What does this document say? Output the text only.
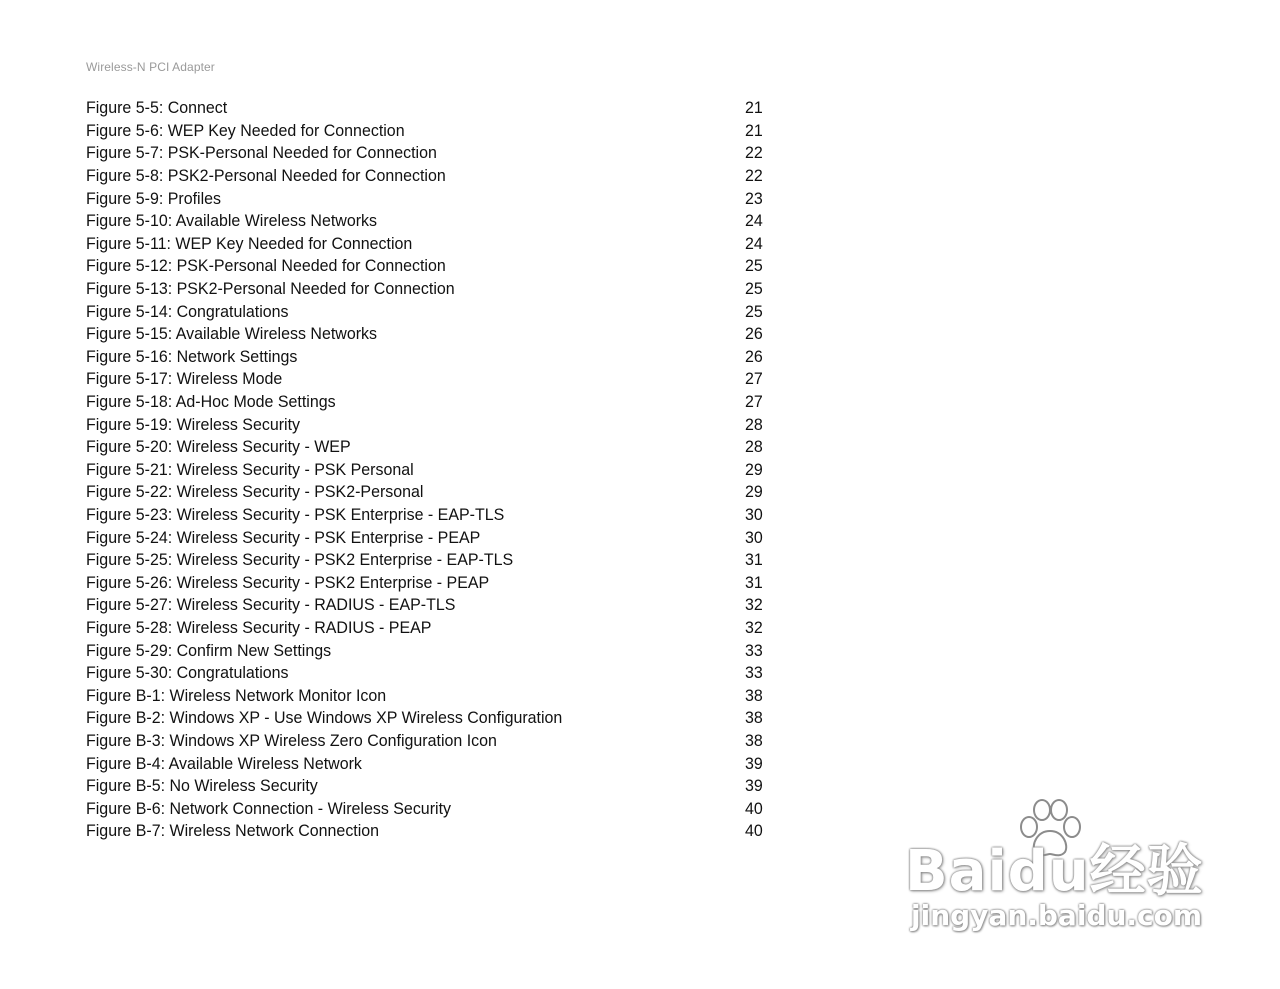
Wireless-N PCI Adapter
Figure 5-5: Connect	21
Figure 5-6: WEP Key Needed for Connection	21
Figure 5-7: PSK-Personal Needed for Connection	22
Figure 5-8: PSK2-Personal Needed for Connection	22
Figure 5-9: Profiles	23
Figure 5-10: Available Wireless Networks	24
Figure 5-11: WEP Key Needed for Connection	24
Figure 5-12: PSK-Personal Needed for Connection	25
Figure 5-13: PSK2-Personal Needed for Connection	25
Figure 5-14: Congratulations	25
Figure 5-15: Available Wireless Networks	26
Figure 5-16: Network Settings	26
Figure 5-17: Wireless Mode	27
Figure 5-18: Ad-Hoc Mode Settings	27
Figure 5-19: Wireless Security	28
Figure 5-20: Wireless Security - WEP	28
Figure 5-21: Wireless Security - PSK Personal	29
Figure 5-22: Wireless Security - PSK2-Personal	29
Figure 5-23: Wireless Security - PSK Enterprise - EAP-TLS	30
Figure 5-24: Wireless Security - PSK Enterprise - PEAP	30
Figure 5-25: Wireless Security - PSK2 Enterprise - EAP-TLS	31
Figure 5-26: Wireless Security - PSK2 Enterprise - PEAP	31
Figure 5-27: Wireless Security - RADIUS - EAP-TLS	32
Figure 5-28: Wireless Security - RADIUS - PEAP	32
Figure 5-29: Confirm New Settings	33
Figure 5-30: Congratulations	33
Figure B-1: Wireless Network Monitor Icon	38
Figure B-2: Windows XP - Use Windows XP Wireless Configuration	38
Figure B-3: Windows XP Wireless Zero Configuration Icon	38
Figure B-4: Available Wireless Network	39
Figure B-5: No Wireless Security	39
Figure B-6: Network Connection - Wireless Security	40
Figure B-7: Wireless Network Connection	40
Baidu经验
jingyan.baidu.com
